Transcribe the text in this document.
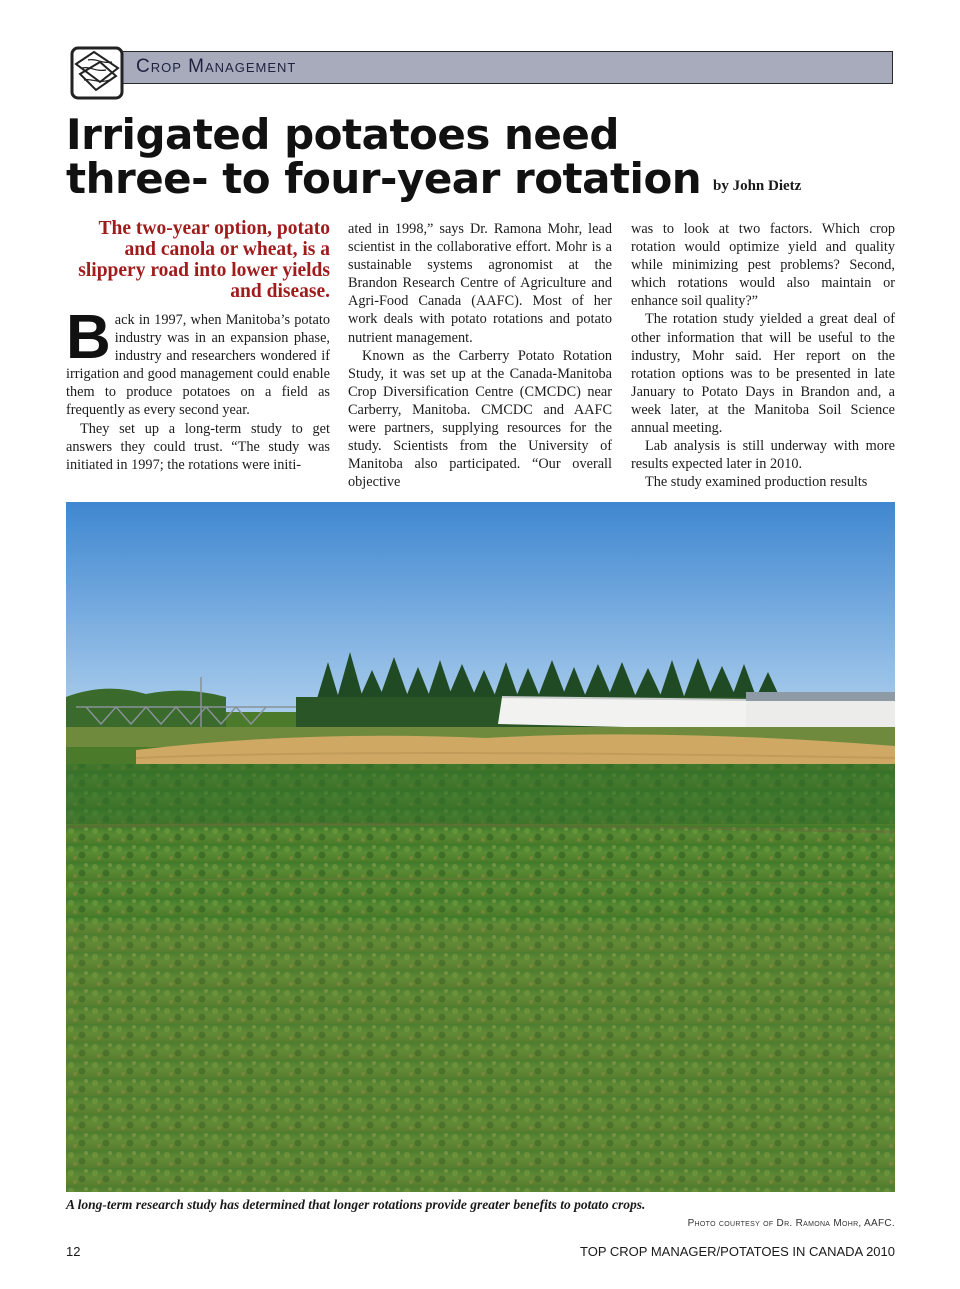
Crop Management
Irrigated potatoes need
three- to four-year rotation by John Dietz
The two-year option, potato and canola or wheat, is a slippery road into lower yields and disease.

Back in 1997, when Manitoba’s potato industry was in an expansion phase, industry and researchers wondered if irrigation and good management could enable them to produce potatoes on a field as frequently as every second year.

They set up a long-term study to get answers they could trust. “The study was initiated in 1997; the rotations were initi-

ated in 1998,” says Dr. Ramona Mohr, lead scientist in the collaborative effort. Mohr is a sustainable systems agronomist at the Brandon Research Centre of Agriculture and Agri-Food Canada (AAFC). Most of her work deals with potato rotations and potato nutrient management.

Known as the Carberry Potato Rotation Study, it was set up at the Canada-Manitoba Crop Diversification Centre (CMCDC) near Carberry, Manitoba. CMCDC and AAFC were partners, supplying resources for the study. Scientists from the University of Manitoba also participated. “Our overall objective

was to look at two factors. Which crop rotation would optimize yield and quality while minimizing pest problems? Second, which rotations would also maintain or enhance soil quality?”

The rotation study yielded a great deal of other information that will be useful to the industry, Mohr said. Her report on the rotation options was to be presented in late January to Potato Days in Brandon and, a week later, at the Manitoba Soil Science annual meeting.

Lab analysis is still underway with more results expected later in 2010.

The study examined production results

A long-term research study has determined that longer rotations provide greater benefits to potato crops.
Photo courtesy of Dr. Ramona Mohr, AAFC.
12	TOP CROP MANAGER/POTATOES IN CANADA 2010
